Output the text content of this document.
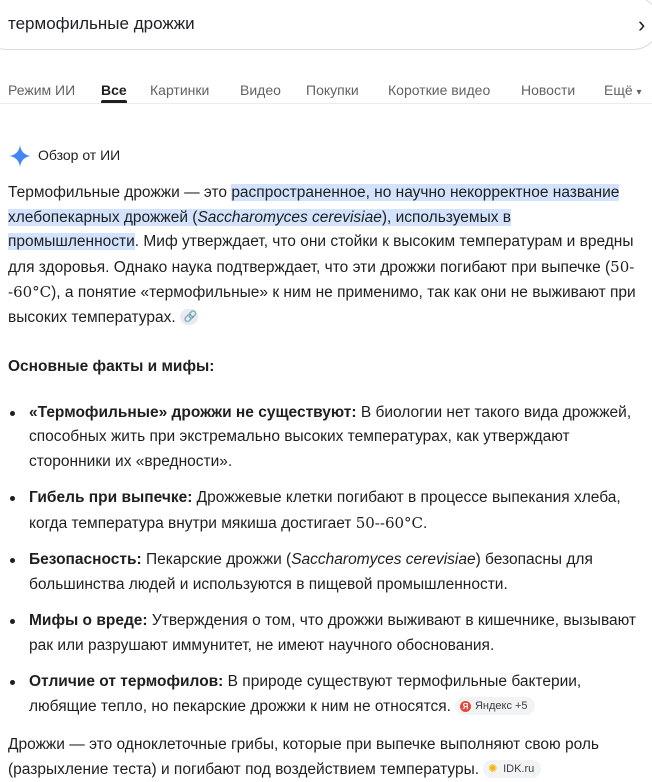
термофильные дрожжи	›
Режим ИИ Все Картинки Видео Покупки Короткие видео Новости Ещё ▾
Обзор от ИИ

Термофильные дрожжи — это распространенное, но научно некорректное название хлебопекарных дрожжей (Saccharomyces cerevisiae), используемых в промышленности. Миф утверждает, что они стойки к высоким температурам и вредны для здоровья. Однако наука подтверждает, что эти дрожжи погибают при выпечке (50--60°C), а понятие «термофильные» к ним не применимо, так как они не выживают при высоких температурах. 🔗

Основные факты и мифы:
«Термофильные» дрожжи не существуют: В биологии нет такого вида дрожжей, способных жить при экстремально высоких температурах, как утверждают сторонники их «вредности».
Гибель при выпечке: Дрожжевые клетки погибают в процессе выпекания хлеба, когда температура внутри мякиша достигает 50--60°C.
Безопасность: Пекарские дрожжи (Saccharomyces cerevisiae) безопасны для большинства людей и используются в пищевой промышленности.
Мифы о вреде: Утверждения о том, что дрожжи выживают в кишечнике, вызывают рак или разрушают иммунитет, не имеют научного обоснования.
Отличие от термофилов: В природе существуют термофильные бактерии, любящие тепло, но пекарские дрожжи к ним не относятся. Я Яндекс +5

Дрожжи — это одноклеточные грибы, которые при выпечке выполняют свою роль (разрыхление теста) и погибают под воздействием температуры. ✺ IDK.ru
